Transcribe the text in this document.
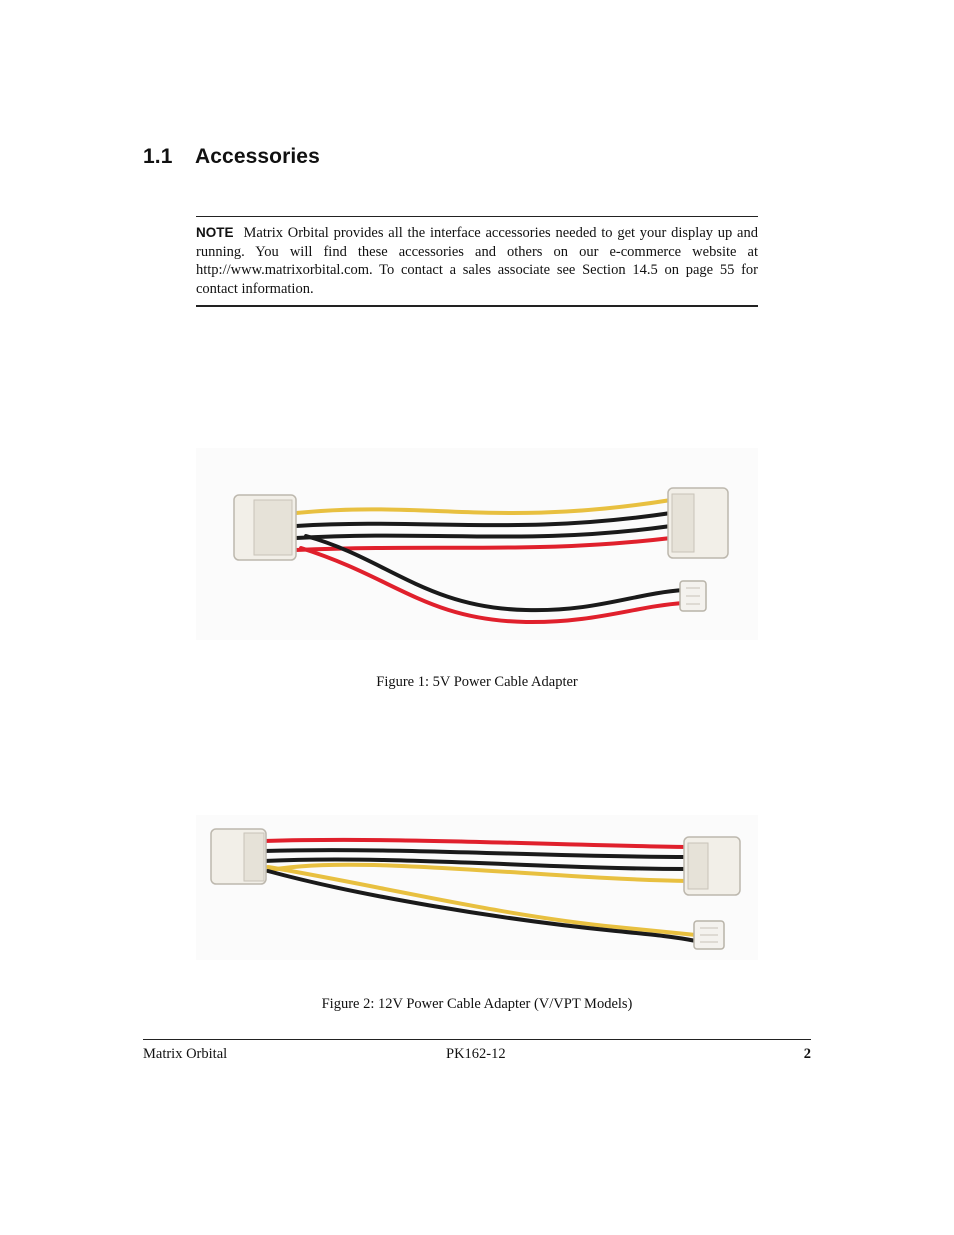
1.1 Accessories

NOTE Matrix Orbital provides all the interface accessories needed to get your display up and running. You will find these accessories and others on our e-commerce website at http://www.matrixorbital.com. To contact a sales associate see Section 14.5 on page 55 for contact information.

Figure 1: 5V Power Cable Adapter

Figure 2: 12V Power Cable Adapter (V/VPT Models)

Matrix Orbital	PK162-12	2
